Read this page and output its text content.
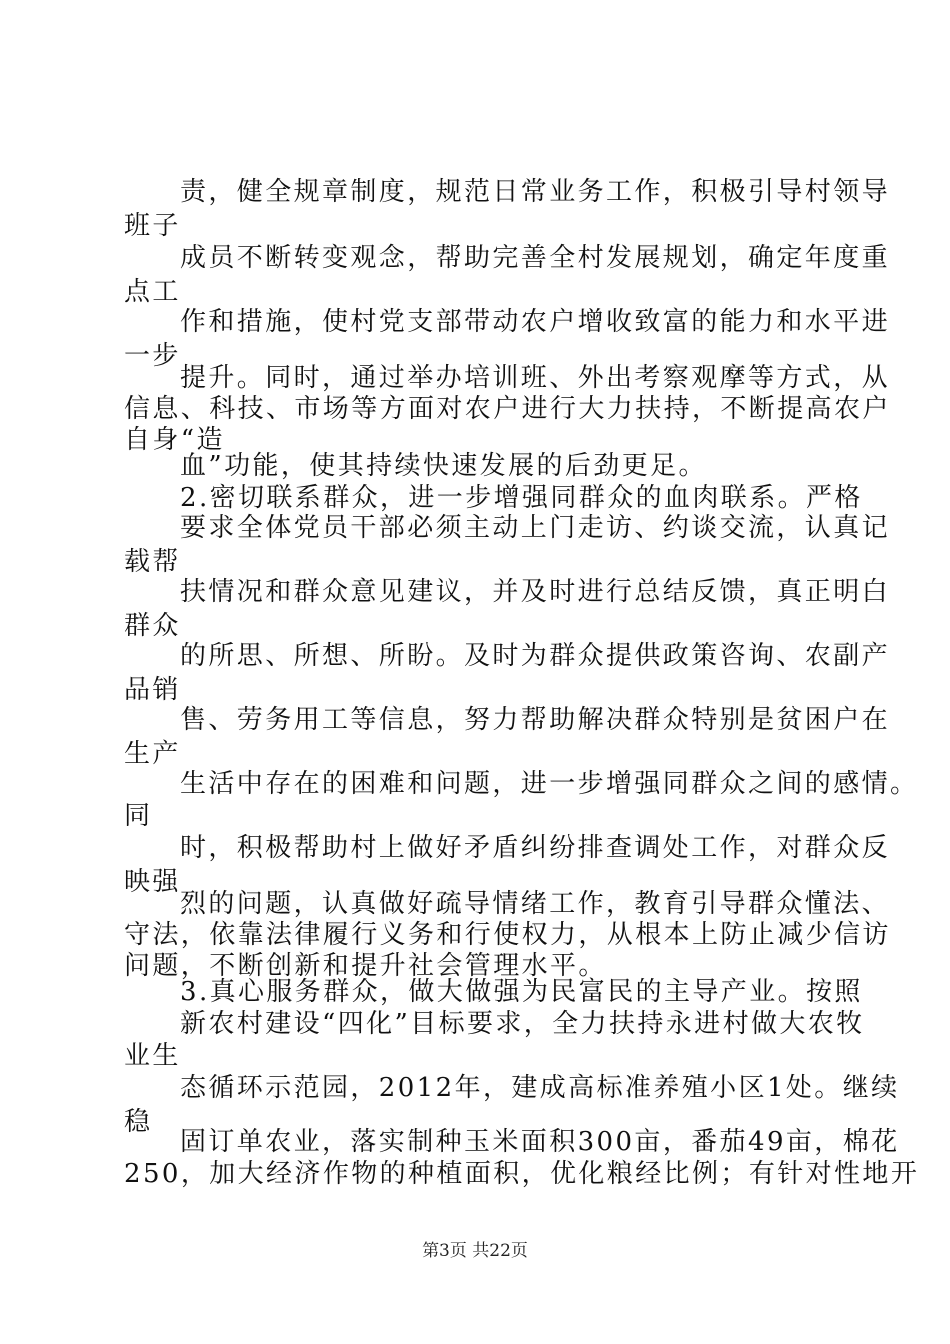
责，健全规章制度，规范日常业务工作，积极引导村领导
班子
成员不断转变观念，帮助完善全村发展规划，确定年度重
点工
作和措施，使村党支部带动农户增收致富的能力和水平进
一步
提升。同时，通过举办培训班、外出考察观摩等方式，从
信息、科技、市场等方面对农户进行大力扶持，不断提高农户
自身“造
血”功能，使其持续快速发展的后劲更足。
2.密切联系群众，进一步增强同群众的血肉联系。严格
要求全体党员干部必须主动上门走访、约谈交流，认真记
载帮
扶情况和群众意见建议，并及时进行总结反馈，真正明白
群众
的所思、所想、所盼。及时为群众提供政策咨询、农副产
品销
售、劳务用工等信息，努力帮助解决群众特别是贫困户在
生产
生活中存在的困难和问题，进一步增强同群众之间的感情。
同
时，积极帮助村上做好矛盾纠纷排查调处工作，对群众反
映强
烈的问题，认真做好疏导情绪工作，教育引导群众懂法、
守法，依靠法律履行义务和行使权力，从根本上防止减少信访
问题，不断创新和提升社会管理水平。
3.真心服务群众，做大做强为民富民的主导产业。按照
新农村建设“四化”目标要求，全力扶持永进村做大农牧
业生
态循环示范园，2012年，建成高标准养殖小区1处。继续
稳
固订单农业，落实制种玉米面积300亩，番茄49亩，棉花
250，加大经济作物的种植面积，优化粮经比例；有针对性地开
第3页 共22页
